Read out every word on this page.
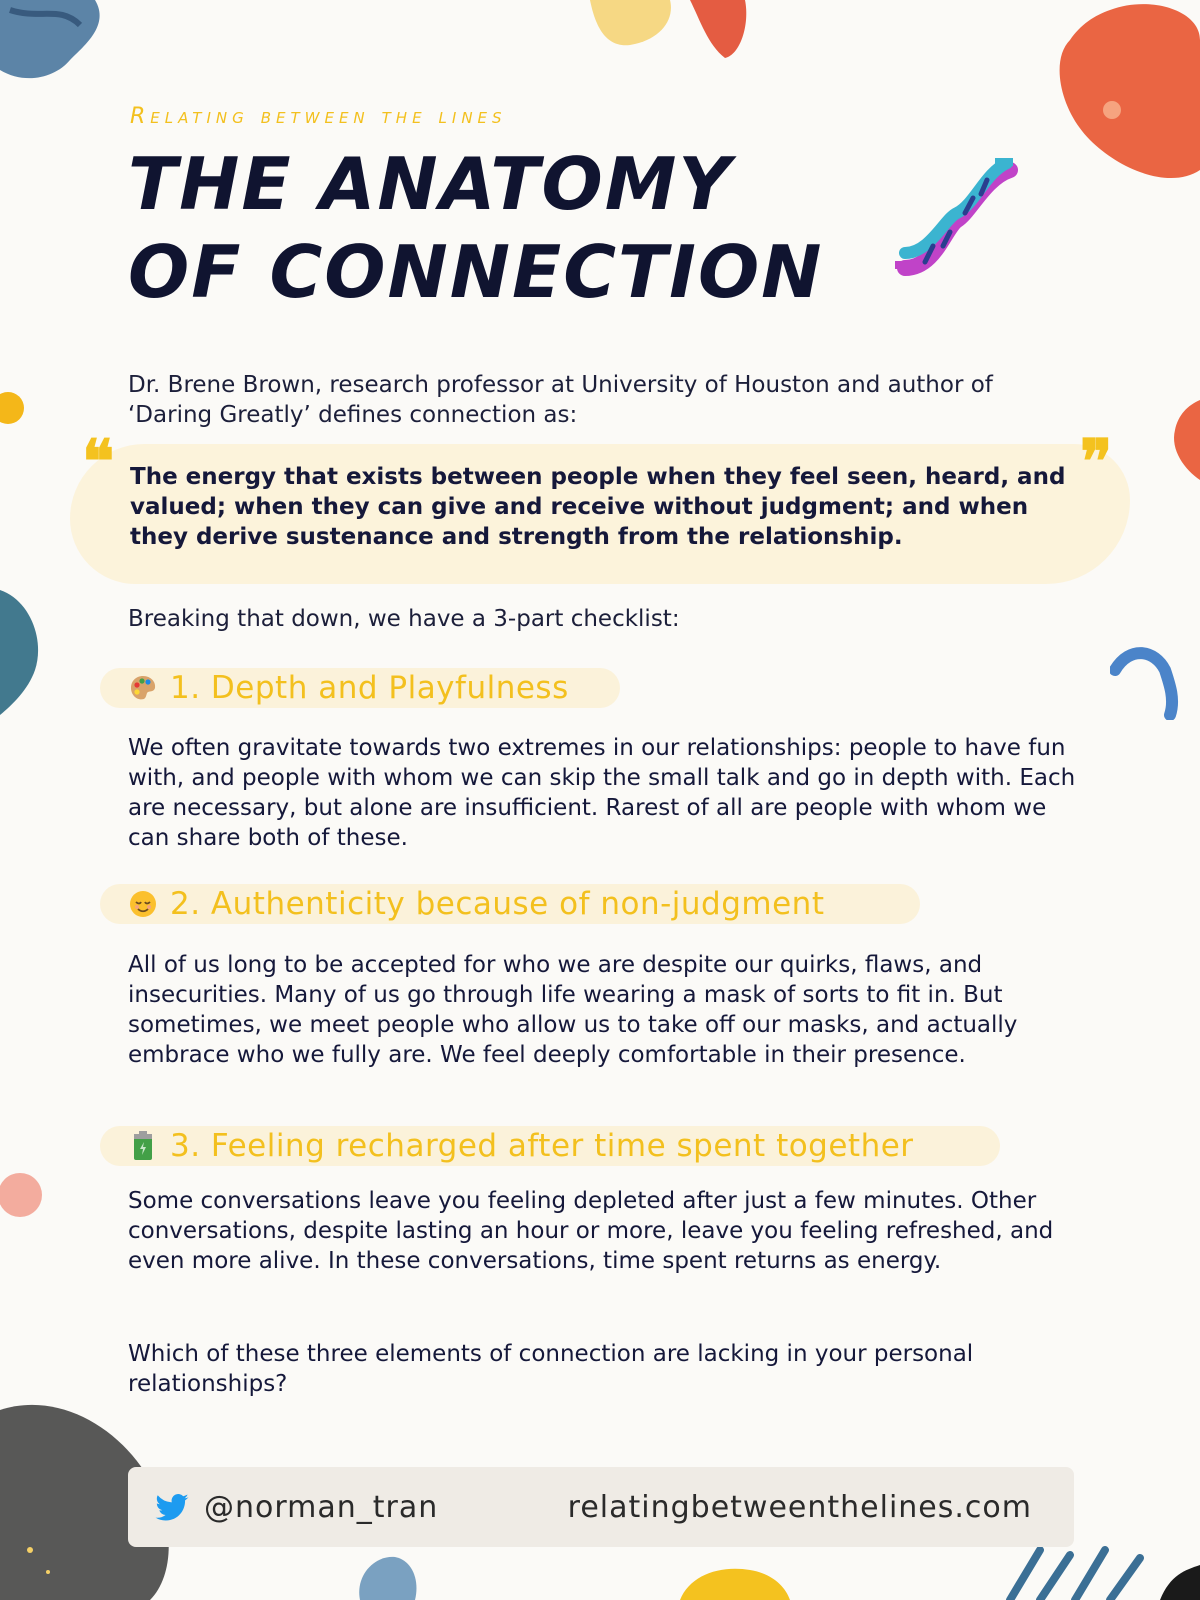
Relating between the lines
THE ANATOMY
OF CONNECTION

Dr. Brene Brown, research professor at University of Houston and author of ‘Daring Greatly’ defines connection as:

❝	❞

The energy that exists between people when they feel seen, heard, and valued; when they can give and receive without judgment; and when they derive sustenance and strength from the relationship.

Breaking that down, we have a 3-part checklist:

1. Depth and Playfulness

We often gravitate towards two extremes in our relationships: people to have fun with, and people with whom we can skip the small talk and go in depth with. Each are necessary, but alone are insufficient. Rarest of all are people with whom we can share both of these.

2. Authenticity because of non-judgment

All of us long to be accepted for who we are despite our quirks, flaws, and insecurities. Many of us go through life wearing a mask of sorts to fit in. But sometimes, we meet people who allow us to take off our masks, and actually embrace who we fully are. We feel deeply comfortable in their presence.

3. Feeling recharged after time spent together

Some conversations leave you feeling depleted after just a few minutes. Other conversations, despite lasting an hour or more, leave you feeling refreshed, and even more alive. In these conversations, time spent returns as energy.

Which of these three elements of connection are lacking in your personal relationships?

@norman_tran	relatingbetweenthelines.com
